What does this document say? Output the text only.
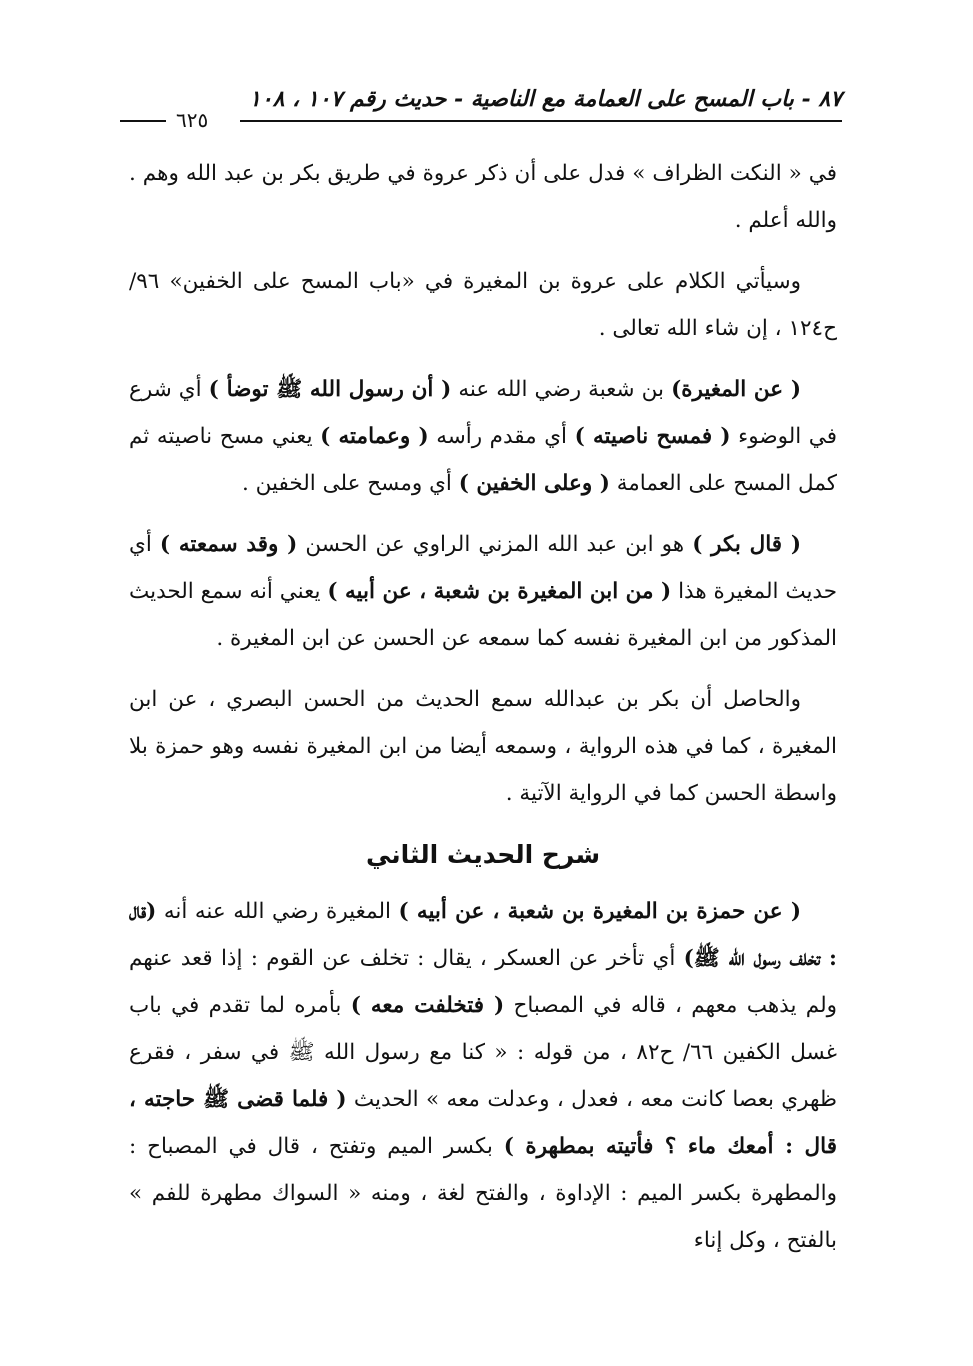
٨٧ - باب المسح على العمامة مع الناصية - حديث رقم ١٠٧ ، ١٠٨
٦٢٥

في « النكت الظراف » فدل على أن ذكر عروة في طريق بكر بن عبد الله وهم . والله أعلم .

وسيأتي الكلام على عروة بن المغيرة في «باب المسح على الخفين» ٩٦/ ح١٢٤ ، إن شاء الله تعالى .

( عن المغيرة) بن شعبة رضي الله عنه ( أن رسول الله ﷺ توضأ ) أي شرع في الوضوء ( فمسح ناصيته ) أي مقدم رأسه ( وعمامته ) يعني مسح ناصيته ثم كمل المسح على العمامة ( وعلى الخفين ) أي ومسح على الخفين .

( قال بكر ) هو ابن عبد الله المزني الراوي عن الحسن ( وقد سمعته ) أي حديث المغيرة هذا ( من ابن المغيرة بن شعبة ، عن أبيه ) يعني أنه سمع الحديث المذكور من ابن المغيرة نفسه كما سمعه عن الحسن عن ابن المغيرة .

والحاصل أن بكر بن عبدالله سمع الحديث من الحسن البصري ، عن ابن المغيرة ، كما في هذه الرواية ، وسمعه أيضا من ابن المغيرة نفسه وهو حمزة بلا واسطة الحسن كما في الرواية الآتية .

شرح الحديث الثاني

( عن حمزة بن المغيرة بن شعبة ، عن أبيه ) المغيرة رضي الله عنه أنه (قال : تخلف رسول الله ﷺ) أي تأخر عن العسكر ، يقال : تخلف عن القوم : إذا قعد عنهم ولم يذهب معهم ، قاله في المصباح ( فتخلفت معه ) بأمره لما تقدم في باب غسل الكفين ٦٦/ ح٨٢ ، من قوله : « كنا مع رسول الله ﷺ في سفر ، فقرع ظهري بعصا كانت معه ، فعدل ، وعدلت معه » الحديث ( فلما قضى ﷺ حاجته ، قال : أمعك ماء ؟ فأتيته بمطهرة ) بكسر الميم وتفتح ، قال في المصباح : والمطهرة بكسر الميم : الإداوة ، والفتح لغة ، ومنه « السواك مطهرة للفم » بالفتح ، وكل إناء
